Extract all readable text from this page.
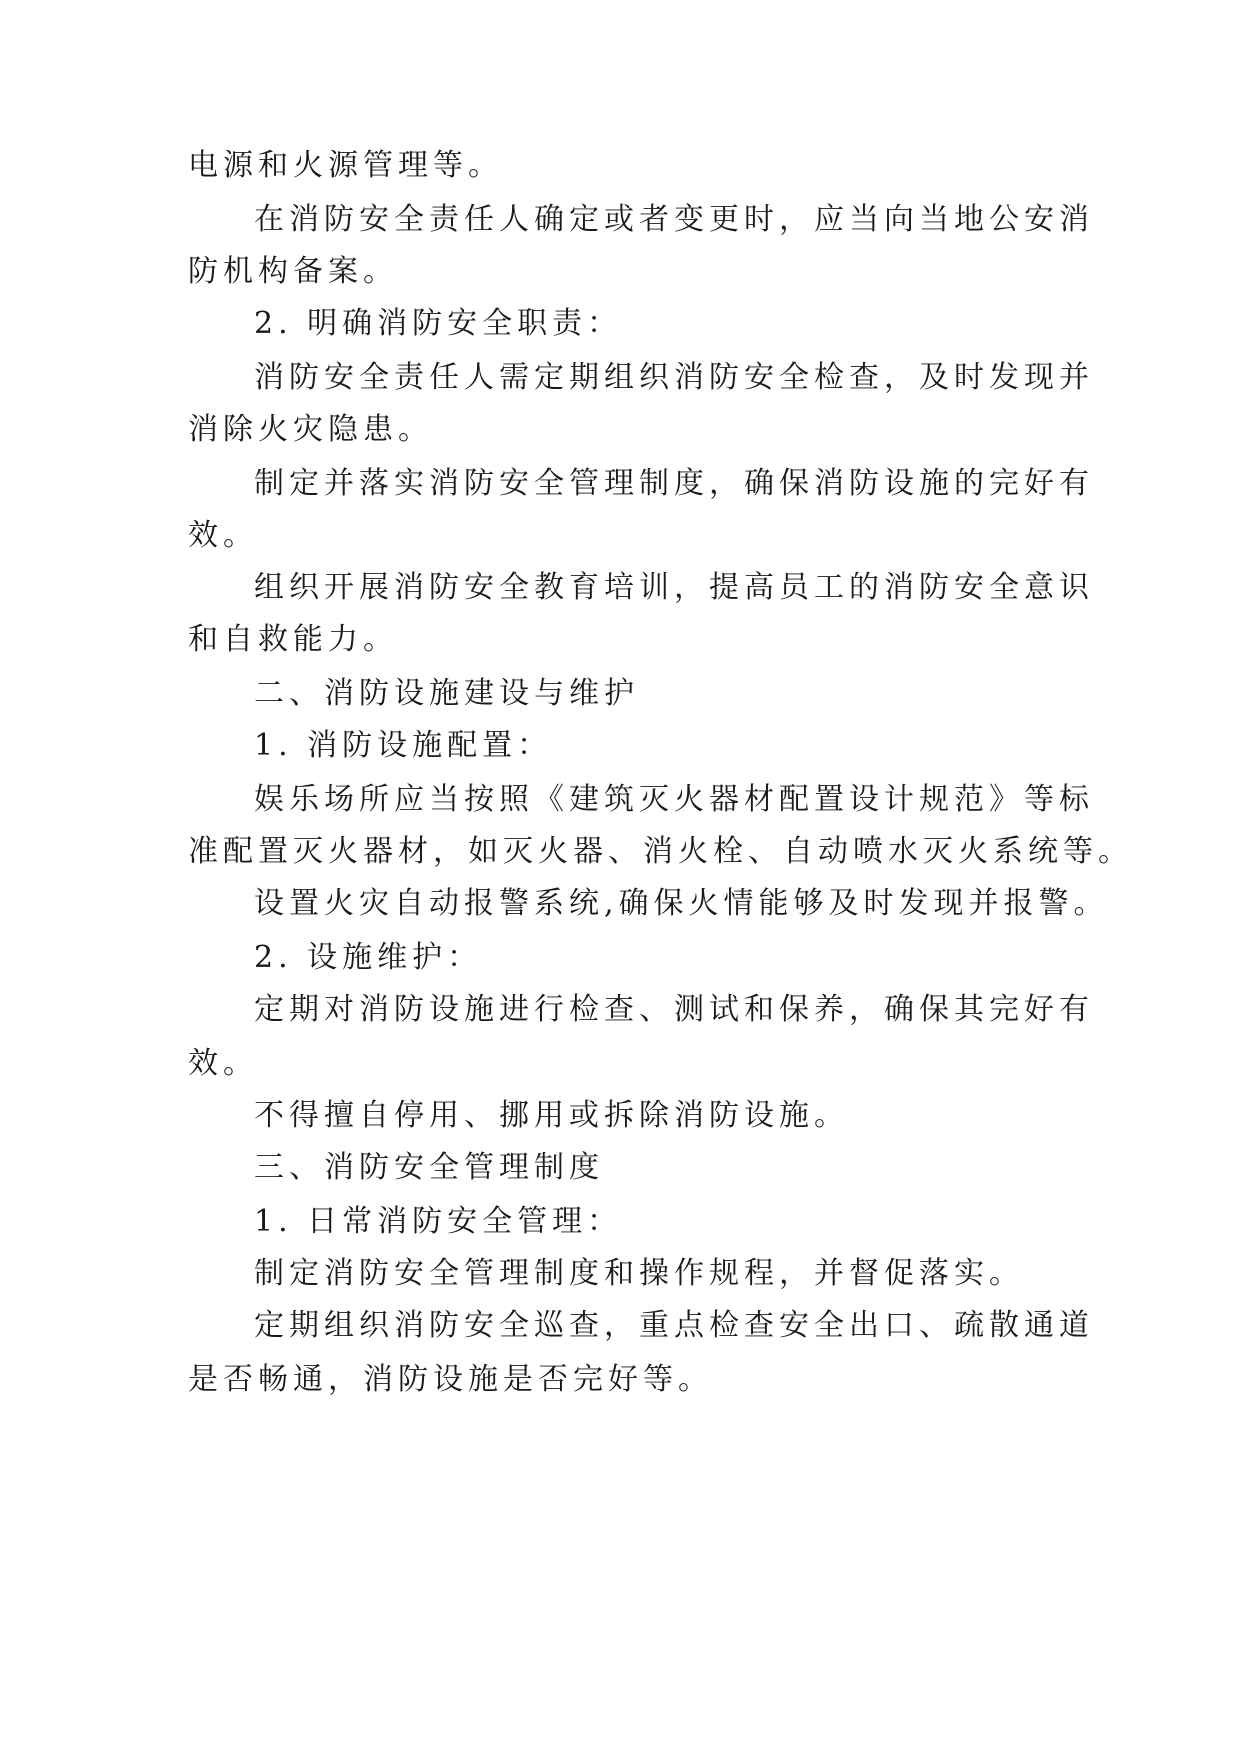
电源和火源管理等。
在消防安全责任人确定或者变更时，应当向当地公安消
防机构备案。
2. 明确消防安全职责：
消防安全责任人需定期组织消防安全检查，及时发现并
消除火灾隐患。
制定并落实消防安全管理制度，确保消防设施的完好有
效。
组织开展消防安全教育培训，提高员工的消防安全意识
和自救能力。
二、消防设施建设与维护
1. 消防设施配置：
娱乐场所应当按照《建筑灭火器材配置设计规范》等标
准配置灭火器材，如灭火器、消火栓、自动喷水灭火系统等。
设置火灾自动报警系统,确保火情能够及时发现并报警。
2. 设施维护：
定期对消防设施进行检查、测试和保养，确保其完好有
效。
不得擅自停用、挪用或拆除消防设施。
三、消防安全管理制度
1. 日常消防安全管理：
制定消防安全管理制度和操作规程，并督促落实。
定期组织消防安全巡查，重点检查安全出口、疏散通道
是否畅通，消防设施是否完好等。
